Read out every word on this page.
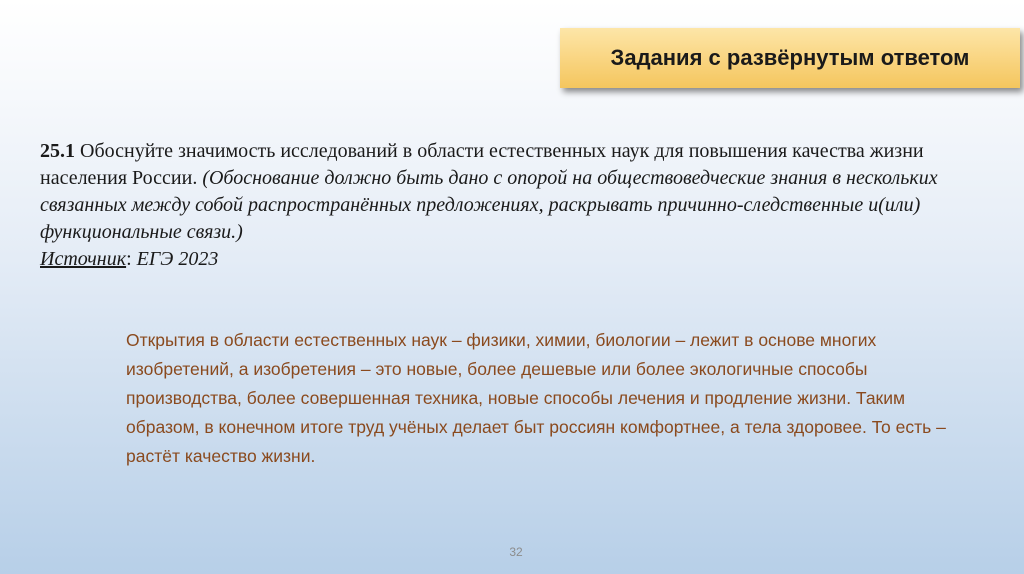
Задания с развёрнутым ответом
25.1 Обоснуйте значимость исследований в области естественных наук для повышения качества жизни населения России. (Обоснование должно быть дано с опорой на обществоведческие знания в нескольких связанных между собой распространённых предложениях, раскрывать причинно-следственные и(или) функциональные связи.)
Источник: ЕГЭ 2023
Открытия в области естественных наук – физики, химии, биологии – лежит в основе многих изобретений, а изобретения – это новые, более дешевые или более экологичные способы производства, более совершенная техника, новые способы лечения и продление жизни. Таким образом, в конечном итоге труд учёных делает быт россиян комфортнее, а тела здоровее. То есть – растёт качество жизни.
32
